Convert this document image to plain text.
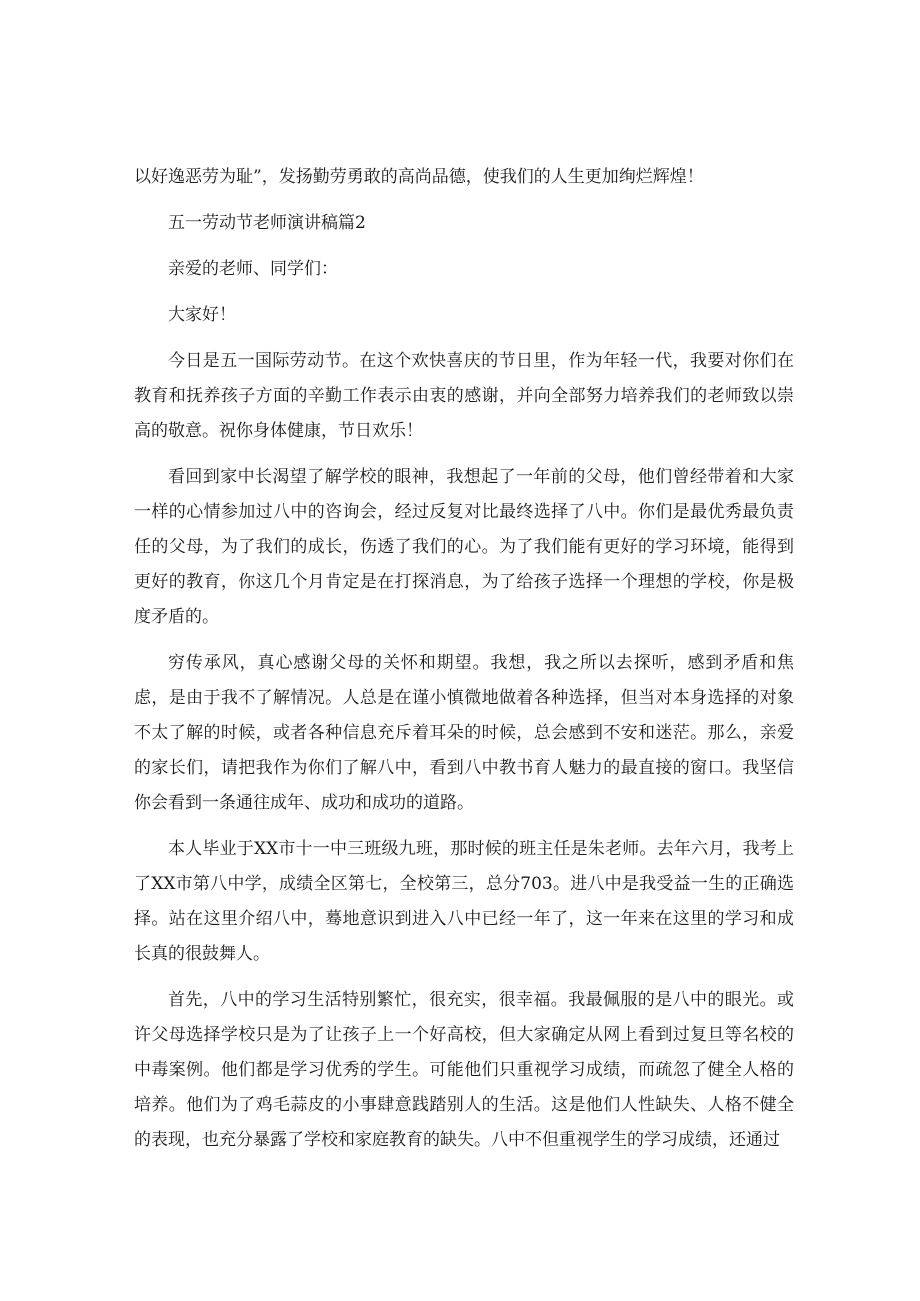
以好逸恶劳为耻”，发扬勤劳勇敢的高尚品德，使我们的人生更加绚烂辉煌！

五一劳动节老师演讲稿篇2

亲爱的老师、同学们：

大家好！

今日是五一国际劳动节。在这个欢快喜庆的节日里，作为年轻一代，我要对你们在教育和抚养孩子方面的辛勤工作表示由衷的感谢，并向全部努力培养我们的老师致以崇高的敬意。祝你身体健康，节日欢乐！

看回到家中长渴望了解学校的眼神，我想起了一年前的父母，他们曾经带着和大家一样的心情参加过八中的咨询会，经过反复对比最终选择了八中。你们是最优秀最负责任的父母，为了我们的成长，伤透了我们的心。为了我们能有更好的学习环境，能得到更好的教育，你这几个月肯定是在打探消息，为了给孩子选择一个理想的学校，你是极度矛盾的。

穷传承风，真心感谢父母的关怀和期望。我想，我之所以去探听，感到矛盾和焦虑，是由于我不了解情况。人总是在谨小慎微地做着各种选择，但当对本身选择的对象不太了解的时候，或者各种信息充斥着耳朵的时候，总会感到不安和迷茫。那么，亲爱的家长们，请把我作为你们了解八中，看到八中教书育人魅力的最直接的窗口。我坚信你会看到一条通往成年、成功和成功的道路。

本人毕业于XX市十一中三班级九班，那时候的班主任是朱老师。去年六月，我考上了XX市第八中学，成绩全区第七，全校第三，总分703。进八中是我受益一生的正确选择。站在这里介绍八中，蓦地意识到进入八中已经一年了，这一年来在这里的学习和成长真的很鼓舞人。

首先，八中的学习生活特别繁忙，很充实，很幸福。我最佩服的是八中的眼光。或许父母选择学校只是为了让孩子上一个好高校，但大家确定从网上看到过复旦等名校的中毒案例。他们都是学习优秀的学生。可能他们只重视学习成绩，而疏忽了健全人格的培养。他们为了鸡毛蒜皮的小事肆意践踏别人的生活。这是他们人性缺失、人格不健全的表现，也充分暴露了学校和家庭教育的缺失。八中不但重视学生的学习成绩，还通过
